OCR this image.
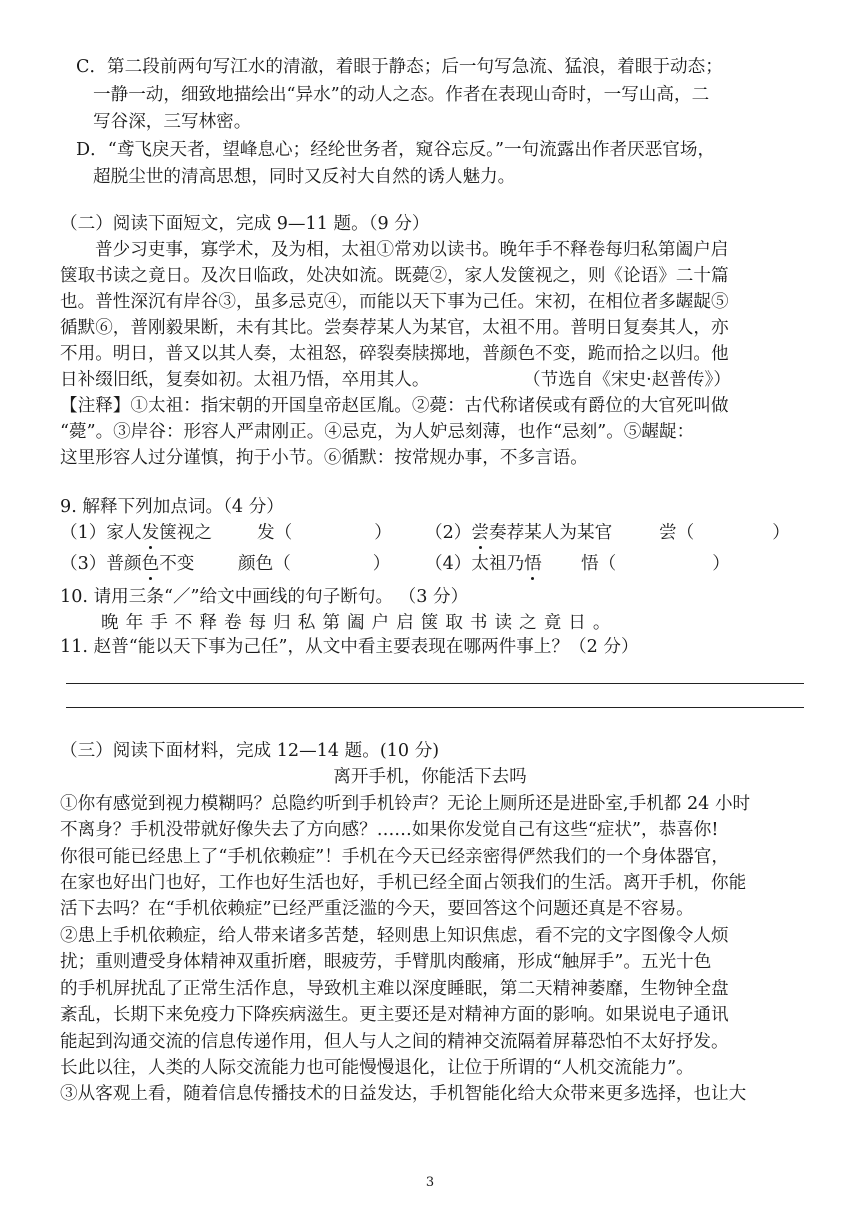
C．第二段前两句写江水的清澈，着眼于静态；后一句写急流、猛浪，着眼于动态；
一静一动，细致地描绘出“异水”的动人之态。作者在表现山奇时，一写山高，二
写谷深，三写林密。
D．“鸢飞戾天者，望峰息心；经纶世务者，窥谷忘反。”一句流露出作者厌恶官场，
超脱尘世的清高思想，同时又反衬大自然的诱人魅力。
（二）阅读下面短文，完成 9—11 题。（9 分）
普少习吏事，寡学术，及为相，太祖①常劝以读书。晚年手不释卷每归私第阖户启
箧取书读之竟日。及次日临政，处决如流。既薨②，家人发箧视之，则《论语》二十篇
也。普性深沉有岸谷③，虽多忌克④，而能以天下事为己任。宋初，在相位者多龌龊⑤
循默⑥，普刚毅果断，未有其比。尝奏荐某人为某官，太祖不用。普明日复奏其人，亦
不用。明日，普又以其人奏，太祖怒，碎裂奏牍掷地，普颜色不变，跪而拾之以归。他
日补缀旧纸，复奏如初。太祖乃悟，卒用其人。	（节选自《宋史·赵普传》）
【注释】①太祖：指宋朝的开国皇帝赵匡胤。②薨：古代称诸侯或有爵位的大官死叫做
“薨”。③岸谷：形容人严肃刚正。④忌克，为人妒忌刻薄，也作“忌刻”。⑤龌龊：
这里形容人过分谨慎，拘于小节。⑥循默：按常规办事，不多言语。
9. 解释下列加点词。（4 分）
（1）家人发箧视之	发（	） （2）尝奏荐某人为某官	尝（	）
（3）普颜色不变 颜色（	） （4）太祖乃悟 悟（	）
10. 请用三条“／”给文中画线的句子断句。 （3 分）
晚年手不释卷每归私第阖户启箧取书读之竟日。
11. 赵普“能以天下事为己任”，从文中看主要表现在哪两件事上？（2 分）
（三）阅读下面材料，完成 12—14 题。(10 分)
离开手机，你能活下去吗
①你有感觉到视力模糊吗？总隐约听到手机铃声？无论上厕所还是进卧室,手机都 24 小时
不离身？手机没带就好像失去了方向感？……如果你发觉自己有这些“症状”，恭喜你!
你很可能已经患上了“手机依赖症”！手机在今天已经亲密得俨然我们的一个身体器官，
在家也好出门也好，工作也好生活也好，手机已经全面占领我们的生活。离开手机，你能
活下去吗？在“手机依赖症”已经严重泛滥的今天，要回答这个问题还真是不容易。
②患上手机依赖症，给人带来诸多苦楚，轻则患上知识焦虑，看不完的文字图像令人烦
扰；重则遭受身体精神双重折磨，眼疲劳，手臂肌肉酸痛，形成“触屏手”。五光十色
的手机屏扰乱了正常生活作息，导致机主难以深度睡眠，第二天精神萎靡，生物钟全盘
紊乱，长期下来免疫力下降疾病滋生。更主要还是对精神方面的影响。如果说电子通讯
能起到沟通交流的信息传递作用，但人与人之间的精神交流隔着屏幕恐怕不太好抒发。
长此以往，人类的人际交流能力也可能慢慢退化，让位于所谓的“人机交流能力”。
③从客观上看，随着信息传播技术的日益发达，手机智能化给大众带来更多选择，也让大
3
